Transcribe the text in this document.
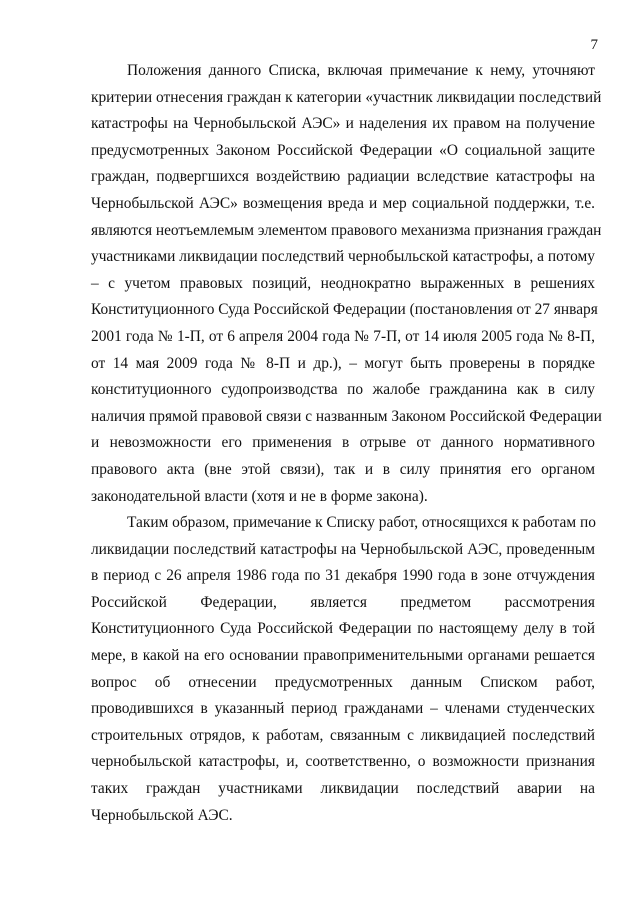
7
Положения данного Списка, включая примечание к нему, уточняют
критерии отнесения граждан к категории «участник ликвидации последствий
катастрофы на Чернобыльской АЭС» и наделения их правом на получение
предусмотренных Законом Российской Федерации «О социальной защите
граждан, подвергшихся воздействию радиации вследствие катастрофы на
Чернобыльской АЭС» возмещения вреда и мер социальной поддержки, т.е.
являются неотъемлемым элементом правового механизма признания граждан
участниками ликвидации последствий чернобыльской катастрофы, а потому
– с учетом правовых позиций, неоднократно выраженных в решениях
Конституционного Суда Российской Федерации (постановления от 27 января
2001 года № 1-П, от 6 апреля 2004 года № 7-П, от 14 июля 2005 года № 8-П,
от 14 мая 2009 года № 8-П и др.), – могут быть проверены в порядке
конституционного судопроизводства по жалобе гражданина как в силу
наличия прямой правовой связи с названным Законом Российской Федерации
и невозможности его применения в отрыве от данного нормативного
правового акта (вне этой связи), так и в силу принятия его органом
законодательной власти (хотя и не в форме закона).
Таким образом, примечание к Списку работ, относящихся к работам по
ликвидации последствий катастрофы на Чернобыльской АЭС, проведенным
в период с 26 апреля 1986 года по 31 декабря 1990 года в зоне отчуждения
Российской Федерации, является предметом рассмотрения
Конституционного Суда Российской Федерации по настоящему делу в той
мере, в какой на его основании правоприменительными органами решается
вопрос об отнесении предусмотренных данным Списком работ,
проводившихся в указанный период гражданами – членами студенческих
строительных отрядов, к работам, связанным с ликвидацией последствий
чернобыльской катастрофы, и, соответственно, о возможности признания
таких граждан участниками ликвидации последствий аварии на
Чернобыльской АЭС.
